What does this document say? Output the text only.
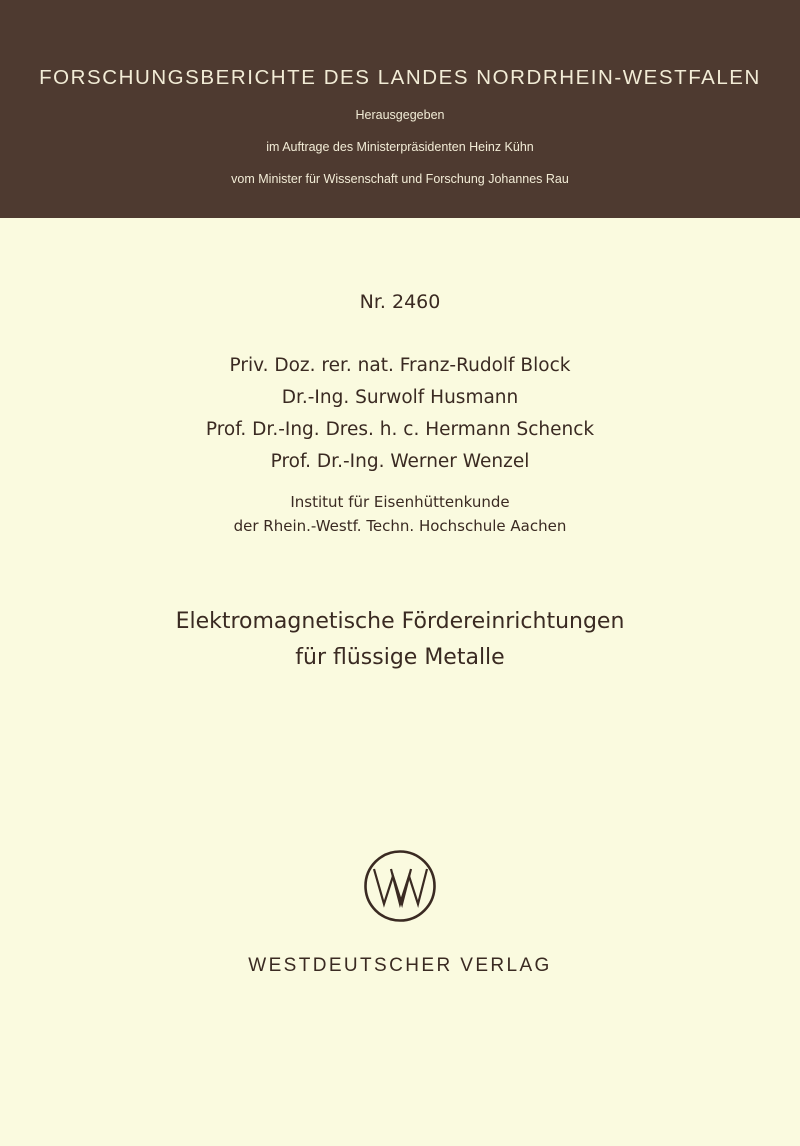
FORSCHUNGSBERICHTE DES LANDES NORDRHEIN-WESTFALEN
Herausgegeben
im Auftrage des Ministerpräsidenten Heinz Kühn
vom Minister für Wissenschaft und Forschung Johannes Rau
Nr. 2460
Priv. Doz. rer. nat. Franz-Rudolf Block
Dr.-Ing. Surwolf Husmann
Prof. Dr.-Ing. Dres. h. c. Hermann Schenck
Prof. Dr.-Ing. Werner Wenzel
Institut für Eisenhüttenkunde
der Rhein.-Westf. Techn. Hochschule Aachen
Elektromagnetische Fördereinrichtungen
für flüssige Metalle
WESTDEUTSCHER VERLAG
